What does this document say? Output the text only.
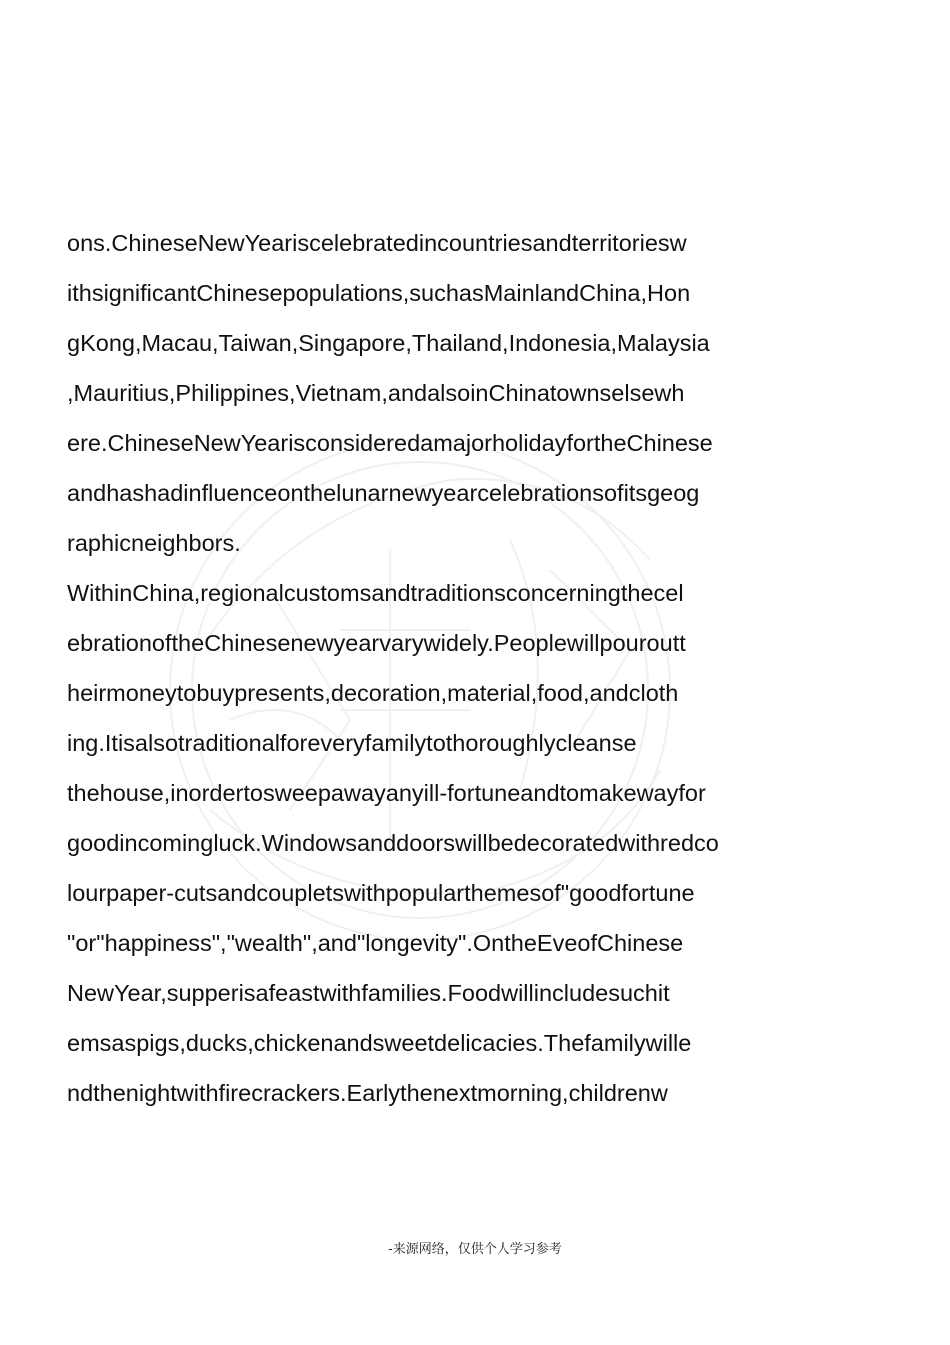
ons.ChineseNewYeariscelebratedincountriesandterritoriesw
ithsignificantChinesepopulations,suchasMainlandChina,Hon
gKong,Macau,Taiwan,Singapore,Thailand,Indonesia,Malaysia
,Mauritius,Philippines,Vietnam,andalsoinChinatownselsewh
ere.ChineseNewYearisconsideredamajorholidayfortheChinese
andhashadinfluenceonthelunarnewyearcelebrationsofitsgeog
raphicneighbors.
WithinChina,regionalcustomsandtraditionsconcerningthecel
ebrationoftheChinesenewyearvarywidely.Peoplewillpouroutt
heirmoneytobuypresents,decoration,material,food,andcloth
ing.Itisalsotraditionalforeveryfamilytothoroughlycleanse
thehouse,inordertosweepawayanyill-fortuneandtomakewayfor
goodincomingluck.Windowsanddoorswillbedecoratedwithredco
lourpaper-cutsandcoupletswithpopularthemesof"goodfortune
"or"happiness","wealth",and"longevity".OntheEveofChinese
NewYear,supperisafeastwithfamilies.Foodwillincludesuchit
emsaspigs,ducks,chickenandsweetdelicacies.Thefamilywille
ndthenightwithfirecrackers.Earlythenextmorning,childrenw
-来源网络，仅供个人学习参考
